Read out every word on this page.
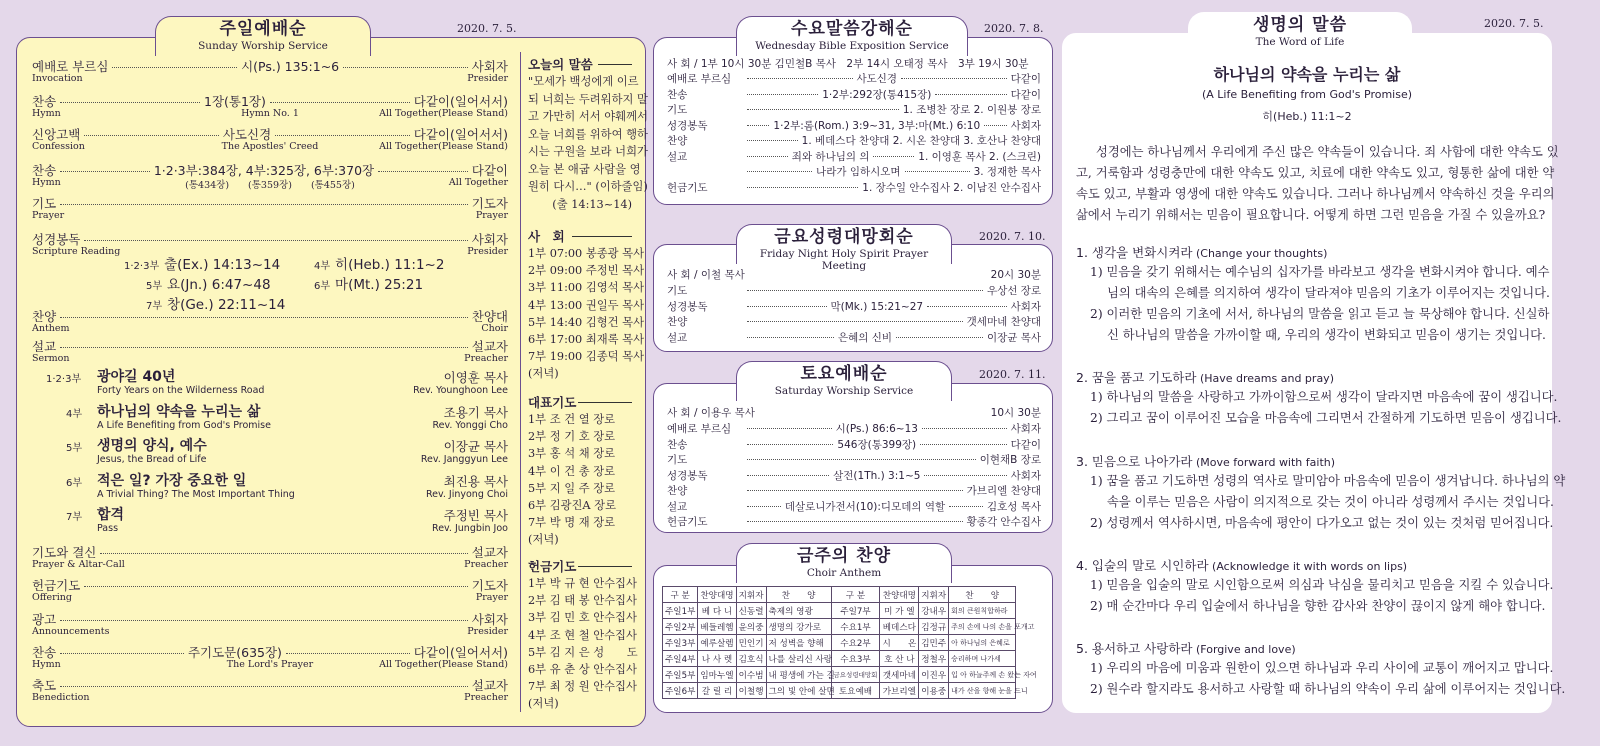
주일예배순
Sunday Worship Service
2020. 7. 5.
예배로 부르심	시(Ps.) 135:1~6	사회자
Invocation	Presider
찬송	1장(통1장)	다같이(일어서서)
Hymn	Hymn No. 1	All Together(Please Stand)
신앙고백	사도신경	다같이(일어서서)
Confession	The Apostles' Creed	All Together(Please Stand)
찬송	1·2·3부:384장, 4부:325장, 6부:370장	다같이
Hymn	(통434장)　　(통359장)　　(통455장)	All Together
기도	기도자
Prayer	Prayer
성경봉독	사회자
Scripture Reading	Presider
1·2·3부 출(Ex.) 14:13~14	4부 히(Heb.) 11:1~2
5부 요(Jn.) 6:47~48	6부 마(Mt.) 25:21
7부 창(Ge.) 22:11~14
찬양	찬양대
Anthem	Choir
설교	설교자
Sermon	Preacher
1·2·3부 광야길 40년
Forty Years on the Wilderness Road
이영훈 목사
Rev. Younghoon Lee
4부 하나님의 약속을 누리는 삶
A Life Benefiting from God's Promise
조용기 목사
Rev. Yonggi Cho
5부 생명의 양식, 예수
Jesus, the Bread of Life
이장균 목사
Rev. Janggyun Lee
6부 적은 일? 가장 중요한 일
A Trivial Thing? The Most Important Thing
최진용 목사
Rev. Jinyong Choi
7부 합격
Pass
주정빈 목사
Rev. Jungbin Joo
기도와 결신	설교자
Prayer & Altar-Call	Preacher
헌금기도	기도자
Offering	Prayer
광고	사회자
Announcements	Presider
찬송	주기도문(635장)	다같이(일어서서)
Hymn	The Lord's Prayer	All Together(Please Stand)
축도	설교자
Benediction	Preacher
오늘의 말씀
"모세가 백성에게 이르
되 너희는 두려워하지 말
고 가만히 서서 야훼께서
오늘 너희를 위하여 행하
시는 구원을 보라 너희가
오늘 본 애굽 사람을 영
원히 다시…" (이하줄임)
(출 14:13~14)
사　회
1부 07:00 봉종광 목사
2부 09:00 주정빈 목사
3부 11:00 김영석 목사
4부 13:00 권일두 목사
5부 14:40 김형건 목사
6부 17:00 최재록 목사
7부 19:00 김종덕 목사
(저녁)
대표기도
1부 조 건 열 장로
2부 정 기 호 장로
3부 홍 석 채 장로
4부 이 건 총 장로
5부 지 일 주 장로
6부 김광진A 장로
7부 박 명 재 장로
(저녁)
헌금기도
1부 박 규 현 안수집사
2부 김 태 봉 안수집사
3부 김 민 호 안수집사
4부 조 현 철 안수집사
5부 김 지 은 성　　도
6부 유 춘 상 안수집사
7부 최 정 원 안수집사
(저녁)
수요말씀강해순
Wednesday Bible Exposition Service
2020. 7. 8.
사 회 / 1부 10시 30분 김민철B 목사　2부 14시 오태정 목사　3부 19시 30분
예배로 부르심	사도신경	다같이
찬송	1·2부:292장(통415장)	다같이
기도	1. 조병찬 장로 2. 이원붕 장로
성경봉독	1·2부:롬(Rom.) 3:9~31, 3부:마(Mt.) 6:10	사회자
찬양	1. 베데스다 찬양대 2. 시온 찬양대 3. 호산나 찬양대
설교	죄와 하나님의 의	1. 이영훈 목사 2. (스크린)
나라가 임하시오며	3. 정재한 목사
헌금기도	1. 장수일 안수집사 2. 이남진 안수집사
금요성령대망회순
Friday Night Holy Spirit Prayer Meeting
2020. 7. 10.
사 회 / 이철 목사	20시 30분
기도	우상선 장로
성경봉독	막(Mk.) 15:21~27	사회자
찬양	갯세마네 찬양대
설교	은혜의 신비	이장균 목사
토요예배순
Saturday Worship Service
2020. 7. 11.
사 회 / 이용우 목사	10시 30분
예배로 부르심	시(Ps.) 86:6~13	사회자
찬송	546장(통399장)	다같이
기도	이현채B 장로
성경봉독	살전(1Th.) 3:1~5	사회자
찬양	가브리엘 찬양대
설교	데살로니가전서(10):디모데의 역할	김호성 목사
헌금기도	황종각 안수집사
금주의 찬양
Choir Anthem
구 분	찬양대명	지휘자	찬　　양	구 분	찬양대명	지휘자	찬　　양
주일1부	베 다 니	신동렬	축제의 영광	주일7부	미 가 엘	강내우	회의 큰원칙합하라
주일2부	베들레헴	윤의중	생명의 강가로	수요1부	베데스다	김정규	주의 손에 나의 손을 포개고
주일3부	예루살렘	민인기	저 성벽을 향해	수요2부	시　　온	김민주	아 하나님의 은혜로
주일4부	나 사 렛	김호식	나를 살리신 사랑	수요3부	호 산 나	정철우	승리하며 나가세
주일5부	임마누엘	이수범	내 평생에 가는 길	금요성령대망회	갯세마네	이진우	입 아 하늘주께 손 왔는 자여
주일6부	갈 릴 리	이철행	그의 빛 안에 살면	토요예배	가브리엘	이용중	내가 산을 향해 눈을 드니
생명의 말씀
The Word of Life
2020. 7. 5.
하나님의 약속을 누리는 삶
(A Life Benefiting from God's Promise)
히(Heb.) 11:1~2
성경에는 하나님께서 우리에게 주신 많은 약속들이 있습니다. 죄 사함에 대한 약속도 있
고, 거룩함과 성령충만에 대한 약속도 있고, 치료에 대한 약속도 있고, 형통한 삶에 대한 약
속도 있고, 부활과 영생에 대한 약속도 있습니다. 그러나 하나님께서 약속하신 것을 우리의
삶에서 누리기 위해서는 믿음이 필요합니다. 어떻게 하면 그런 믿음을 가질 수 있을까요?
1. 생각을 변화시켜라 (Change your thoughts)
1) 믿음을 갖기 위해서는 예수님의 십자가를 바라보고 생각을 변화시켜야 합니다. 예수
님의 대속의 은혜를 의지하여 생각이 달라져야 믿음의 기초가 이루어지는 것입니다.
2) 이러한 믿음의 기초에 서서, 하나님의 말씀을 읽고 듣고 늘 묵상해야 합니다. 신실하
신 하나님의 말씀을 가까이할 때, 우리의 생각이 변화되고 믿음이 생기는 것입니다.
2. 꿈을 품고 기도하라 (Have dreams and pray)
1) 하나님의 말씀을 사랑하고 가까이함으로써 생각이 달라지면 마음속에 꿈이 생깁니다.
2) 그리고 꿈이 이루어진 모습을 마음속에 그리면서 간절하게 기도하면 믿음이 생깁니다.
3. 믿음으로 나아가라 (Move forward with faith)
1) 꿈을 품고 기도하면 성령의 역사로 말미암아 마음속에 믿음이 생겨납니다. 하나님의 약
속을 이루는 믿음은 사람이 의지적으로 갖는 것이 아니라 성령께서 주시는 것입니다.
2) 성령께서 역사하시면, 마음속에 평안이 다가오고 없는 것이 있는 것처럼 믿어집니다.
4. 입술의 말로 시인하라 (Acknowledge it with words on lips)
1) 믿음을 입술의 말로 시인함으로써 의심과 낙심을 물리치고 믿음을 지킬 수 있습니다.
2) 매 순간마다 우리 입술에서 하나님을 향한 감사와 찬양이 끊이지 않게 해야 합니다.
5. 용서하고 사랑하라 (Forgive and love)
1) 우리의 마음에 미움과 원한이 있으면 하나님과 우리 사이에 교통이 깨어지고 맙니다.
2) 원수라 할지라도 용서하고 사랑할 때 하나님의 약속이 우리 삶에 이루어지는 것입니다.
